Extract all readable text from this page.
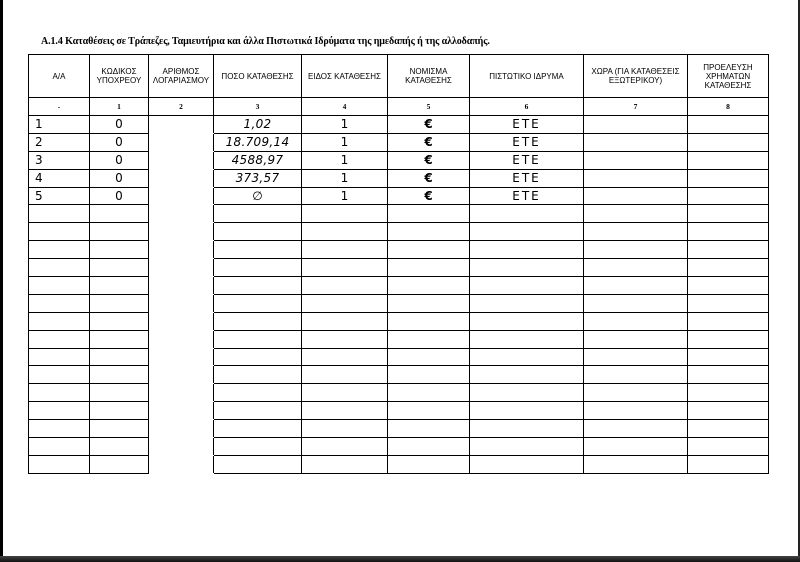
A.1.4 Καταθέσεις σε Τράπεζες, Ταμιευτήρια και άλλα Πιστωτικά Ιδρύματα της ημεδαπής ή της αλλοδαπής.
Α/Α	ΚΩΔΙΚΟΣ ΥΠΟΧΡΕΟΥ	ΑΡΙΘΜΟΣ ΛΟΓΑΡΙΑΣΜΟΥ	ΠΟΣΟ ΚΑΤΑΘΕΣΗΣ	ΕΙΔΟΣ ΚΑΤΑΘΕΣΗΣ	ΝΟΜΙΣΜΑ ΚΑΤΑΘΕΣΗΣ	ΠΙΣΤΩΤΙΚΟ ΙΔΡΥΜΑ	ΧΩΡΑ (ΓΙΑ ΚΑΤΑΘΕΣΕΙΣ ΕΞΩΤΕΡΙΚΟΥ)	ΠΡΟΕΛΕΥΣΗ ΧΡΗΜΑΤΩΝ ΚΑΤΑΘΕΣΗΣ

-	1	2	3	4	5	6	7	8
1	0		1,02	1	€	ΕΤΕ		
2	0		18.709,14	1	€	ΕΤΕ		
3	0		4588,97	1	€	ΕΤΕ		
4	0		373,57	1	€	ΕΤΕ		
5	0		∅	1	€	ΕΤΕ		
